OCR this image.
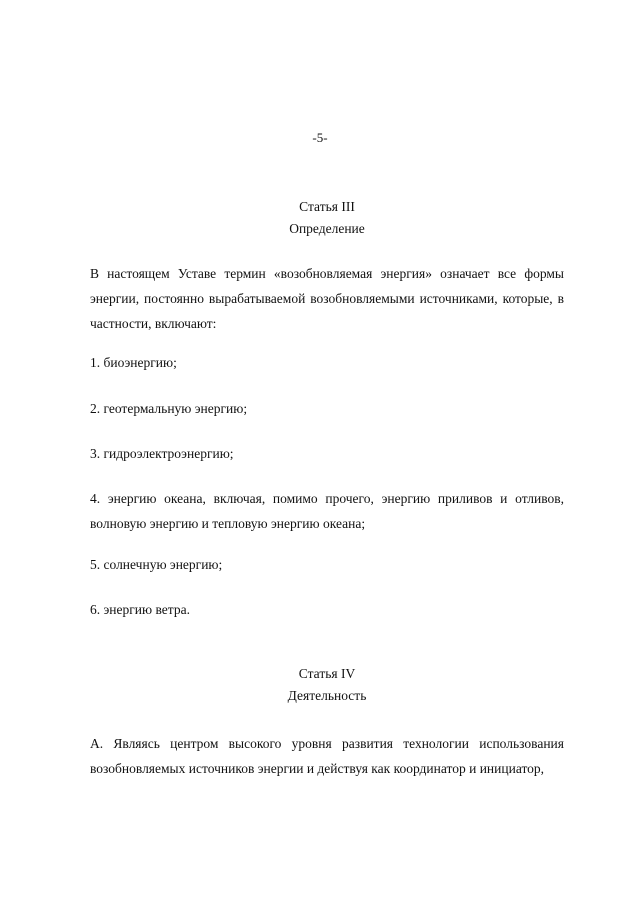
-5-
Статья III
Определение

В настоящем Уставе термин «возобновляемая энергия» означает все формы энергии, постоянно вырабатываемой возобновляемыми источниками, которые, в частности, включают:

1. биоэнергию;

2. геотермальную энергию;

3. гидроэлектроэнергию;

4. энергию океана, включая, помимо прочего, энергию приливов и отливов, волновую энергию и тепловую энергию океана;

5. солнечную энергию;

6. энергию ветра.

Статья IV
Деятельность

А. Являясь центром высокого уровня развития технологии использования возобновляемых источников энергии и действуя как координатор и инициатор,
